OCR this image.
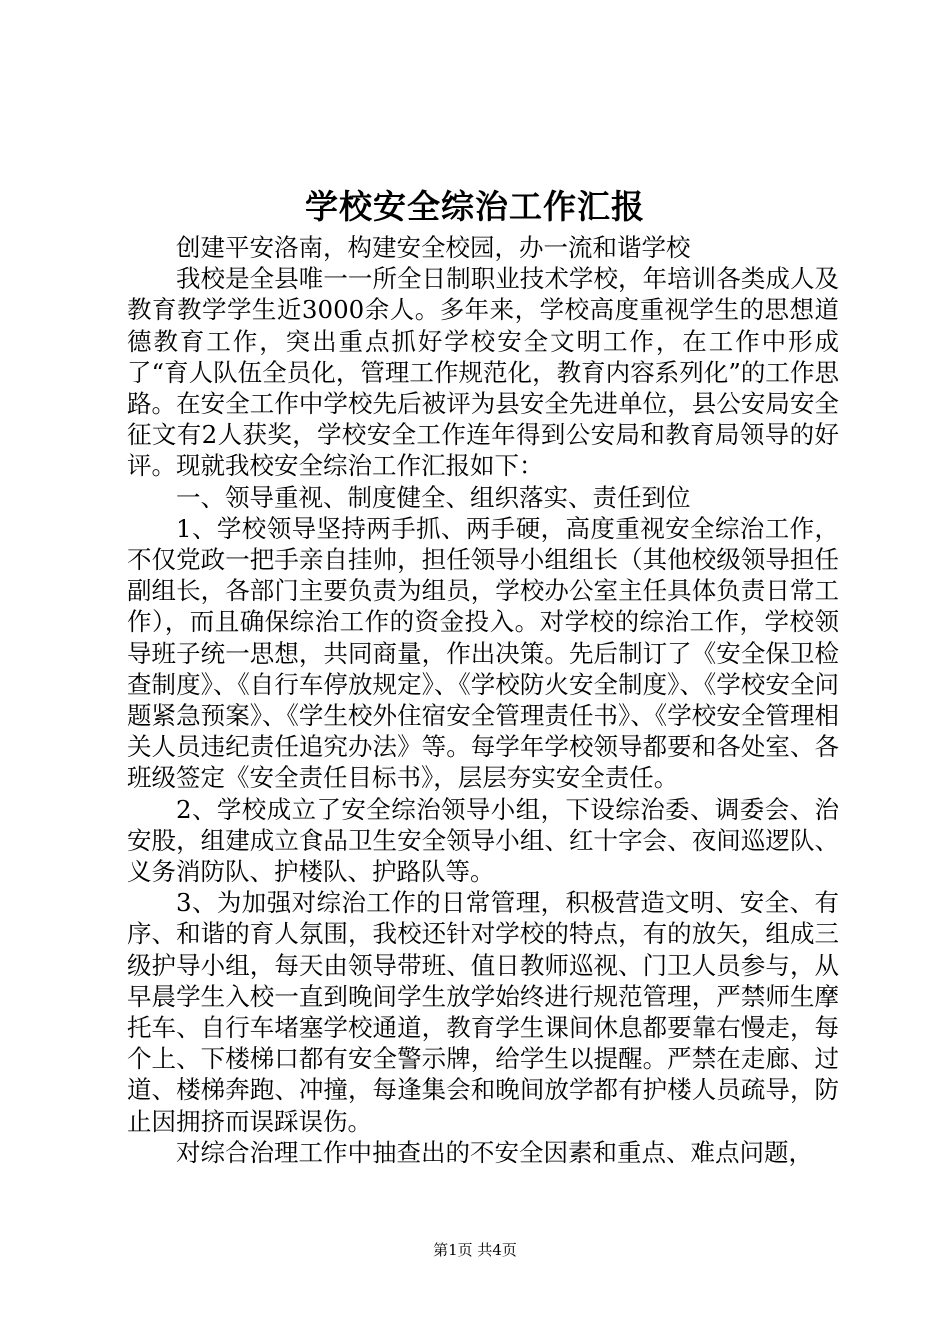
学校安全综治工作汇报

创建平安洛南，构建安全校园，办一流和谐学校

我校是全县唯一一所全日制职业技术学校，年培训各类成人及教育教学学生近3000余人。多年来，学校高度重视学生的思想道德教育工作，突出重点抓好学校安全文明工作，在工作中形成了“育人队伍全员化，管理工作规范化，教育内容系列化”的工作思路。在安全工作中学校先后被评为县安全先进单位，县公安局安全征文有2人获奖，学校安全工作连年得到公安局和教育局领导的好评。现就我校安全综治工作汇报如下：

一、领导重视、制度健全、组织落实、责任到位

1、学校领导坚持两手抓、两手硬，高度重视安全综治工作，不仅党政一把手亲自挂帅，担任领导小组组长（其他校级领导担任副组长，各部门主要负责为组员，学校办公室主任具体负责日常工作），而且确保综治工作的资金投入。对学校的综治工作，学校领导班子统一思想，共同商量，作出决策。先后制订了《安全保卫检查制度》、《自行车停放规定》、《学校防火安全制度》、《学校安全问题紧急预案》、《学生校外住宿安全管理责任书》、《学校安全管理相关人员违纪责任追究办法》等。每学年学校领导都要和各处室、各班级签定《安全责任目标书》，层层夯实安全责任。

2、学校成立了安全综治领导小组，下设综治委、调委会、治安股，组建成立食品卫生安全领导小组、红十字会、夜间巡逻队、义务消防队、护楼队、护路队等。

3、为加强对综治工作的日常管理，积极营造文明、安全、有序、和谐的育人氛围，我校还针对学校的特点，有的放矢，组成三级护导小组，每天由领导带班、值日教师巡视、门卫人员参与，从早晨学生入校一直到晚间学生放学始终进行规范管理，严禁师生摩托车、自行车堵塞学校通道，教育学生课间休息都要靠右慢走，每个上、下楼梯口都有安全警示牌，给学生以提醒。严禁在走廊、过道、楼梯奔跑、冲撞，每逢集会和晚间放学都有护楼人员疏导，防止因拥挤而误踩误伤。

对综合治理工作中抽查出的不安全因素和重点、难点问题，

第1页 共4页
